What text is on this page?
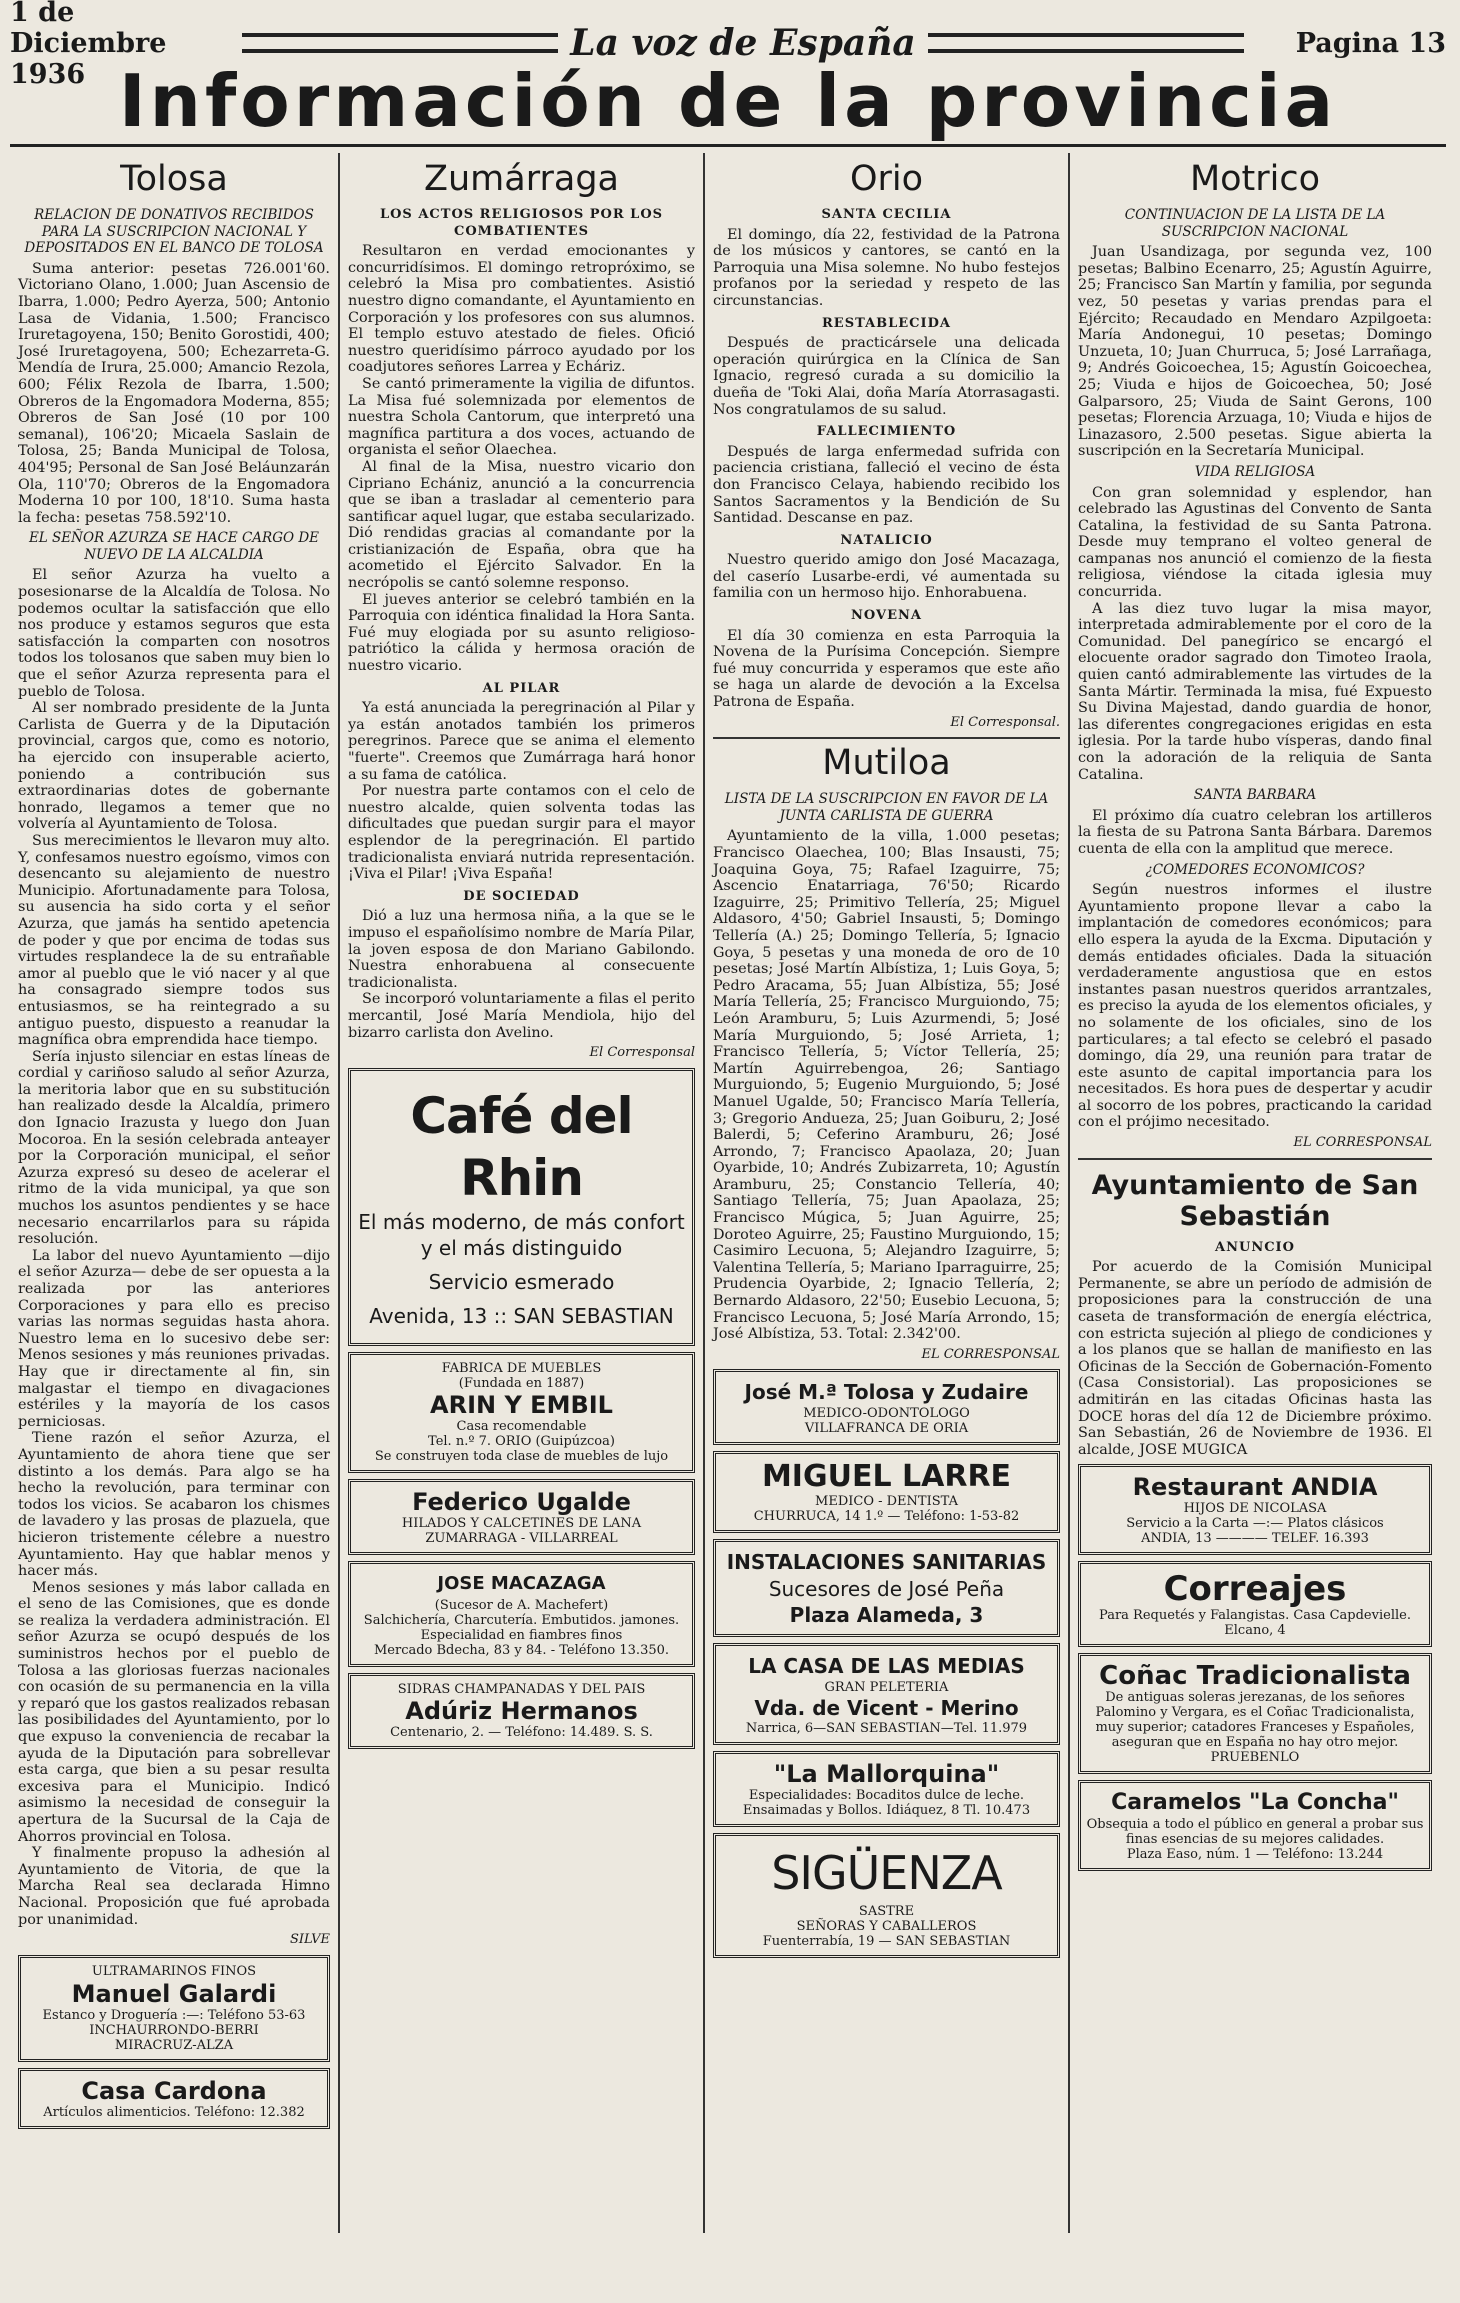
1 de Diciembre 1936
La voz de España	Pagina 13
Información de la provincia
Tolosa
RELACION DE DONATIVOS RECIBIDOS PARA LA SUSCRIPCION NACIONAL Y DEPOSITADOS EN EL BANCO DE TOLOSA

Suma anterior: pesetas 726.001'60. Victoriano Olano, 1.000; Juan Ascensio de Ibarra, 1.000; Pedro Ayerza, 500; Antonio Lasa de Vidania, 1.500; Francisco Iruretagoyena, 150; Benito Gorostidi, 400; José Iruretagoyena, 500; Echezarreta-G. Mendía de Irura, 25.000; Amancio Rezola, 600; Félix Rezola de Ibarra, 1.500; Obreros de la Engomadora Moderna, 855; Obreros de San José (10 por 100 semanal), 106'20; Micaela Saslain de Tolosa, 25; Banda Municipal de Tolosa, 404'95; Personal de San José Beláunzarán Ola, 110'70; Obreros de la Engomadora Moderna 10 por 100, 18'10. Suma hasta la fecha: pesetas 758.592'10.

EL SEÑOR AZURZA SE HACE CARGO DE NUEVO DE LA ALCALDIA

El señor Azurza ha vuelto a posesionarse de la Alcaldía de Tolosa. No podemos ocultar la satisfacción que ello nos produce y estamos seguros que esta satisfacción la comparten con nosotros todos los tolosanos que saben muy bien lo que el señor Azurza representa para el pueblo de Tolosa.

Al ser nombrado presidente de la Junta Carlista de Guerra y de la Diputación provincial, cargos que, como es notorio, ha ejercido con insuperable acierto, poniendo a contribución sus extraordinarias dotes de gobernante honrado, llegamos a temer que no volvería al Ayuntamiento de Tolosa.

Sus merecimientos le llevaron muy alto. Y, confesamos nuestro egoísmo, vimos con desencanto su alejamiento de nuestro Municipio. Afortunadamente para Tolosa, su ausencia ha sido corta y el señor Azurza, que jamás ha sentido apetencia de poder y que por encima de todas sus virtudes resplandece la de su entrañable amor al pueblo que le vió nacer y al que ha consagrado siempre todos sus entusiasmos, se ha reintegrado a su antiguo puesto, dispuesto a reanudar la magnífica obra emprendida hace tiempo.

Sería injusto silenciar en estas líneas de cordial y cariñoso saludo al señor Azurza, la meritoria labor que en su substitución han realizado desde la Alcaldía, primero don Ignacio Irazusta y luego don Juan Mocoroa. En la sesión celebrada anteayer por la Corporación municipal, el señor Azurza expresó su deseo de acelerar el ritmo de la vida municipal, ya que son muchos los asuntos pendientes y se hace necesario encarrilarlos para su rápida resolución.

La labor del nuevo Ayuntamiento —dijo el señor Azurza— debe de ser opuesta a la realizada por las anteriores Corporaciones y para ello es preciso varias las normas seguidas hasta ahora. Nuestro lema en lo sucesivo debe ser: Menos sesiones y más reuniones privadas. Hay que ir directamente al fin, sin malgastar el tiempo en divagaciones estériles y la mayoría de los casos perniciosas.

Tiene razón el señor Azurza, el Ayuntamiento de ahora tiene que ser distinto a los demás. Para algo se ha hecho la revolución, para terminar con todos los vicios. Se acabaron los chismes de lavadero y las prosas de plazuela, que hicieron tristemente célebre a nuestro Ayuntamiento. Hay que hablar menos y hacer más.

Menos sesiones y más labor callada en el seno de las Comisiones, que es donde se realiza la verdadera administración. El señor Azurza se ocupó después de los suministros hechos por el pueblo de Tolosa a las gloriosas fuerzas nacionales con ocasión de su permanencia en la villa y reparó que los gastos realizados rebasan las posibilidades del Ayuntamiento, por lo que expuso la conveniencia de recabar la ayuda de la Diputación para sobrellevar esta carga, que bien a su pesar resulta excesiva para el Municipio. Indicó asimismo la necesidad de conseguir la apertura de la Sucursal de la Caja de Ahorros provincial en Tolosa.

Y finalmente propuso la adhesión al Ayuntamiento de Vitoria, de que la Marcha Real sea declarada Himno Nacional. Proposición que fué aprobada por unanimidad.

SILVE
ULTRAMARINOS FINOS
Manuel Galardi
Estanco y Droguería :—: Teléfono 53-63
INCHAURRONDO-BERRI
MIRACRUZ-ALZA
Casa Cardona
Artículos alimenticios. Teléfono: 12.382
Zumárraga
LOS ACTOS RELIGIOSOS POR LOS COMBATIENTES

Resultaron en verdad emocionantes y concurridísimos. El domingo retropróximo, se celebró la Misa pro combatientes. Asistió nuestro digno comandante, el Ayuntamiento en Corporación y los profesores con sus alumnos. El templo estuvo atestado de fieles. Ofició nuestro queridísimo párroco ayudado por los coadjutores señores Larrea y Echáriz.

Se cantó primeramente la vigilia de difuntos. La Misa fué solemnizada por elementos de nuestra Schola Cantorum, que interpretó una magnífica partitura a dos voces, actuando de organista el señor Olaechea.

Al final de la Misa, nuestro vicario don Cipriano Echániz, anunció a la concurrencia que se iban a trasladar al cementerio para santificar aquel lugar, que estaba secularizado. Dió rendidas gracias al comandante por la cristianización de España, obra que ha acometido el Ejército Salvador. En la necrópolis se cantó solemne responso.

El jueves anterior se celebró también en la Parroquia con idéntica finalidad la Hora Santa. Fué muy elogiada por su asunto religioso-patriótico la cálida y hermosa oración de nuestro vicario.

AL PILAR

Ya está anunciada la peregrinación al Pilar y ya están anotados también los primeros peregrinos. Parece que se anima el elemento "fuerte". Creemos que Zumárraga hará honor a su fama de católica.

Por nuestra parte contamos con el celo de nuestro alcalde, quien solventa todas las dificultades que puedan surgir para el mayor esplendor de la peregrinación. El partido tradicionalista enviará nutrida representación. ¡Viva el Pilar! ¡Viva España!

DE SOCIEDAD

Dió a luz una hermosa niña, a la que se le impuso el españolísimo nombre de María Pilar, la joven esposa de don Mariano Gabilondo. Nuestra enhorabuena al consecuente tradicionalista.

Se incorporó voluntariamente a filas el perito mercantil, José María Mendiola, hijo del bizarro carlista don Avelino.

El Corresponsal
Café del Rhin
El más moderno, de más confort y el más distinguido
Servicio esmerado
Avenida, 13 :: SAN SEBASTIAN
FABRICA DE MUEBLES
(Fundada en 1887)
ARIN Y EMBIL
Casa recomendable
Tel. n.º 7. ORIO (Guipúzcoa)
Se construyen toda clase de muebles de lujo
Federico Ugalde
HILADOS Y CALCETINES DE LANA
ZUMARRAGA - VILLARREAL
JOSE MACAZAGA
(Sucesor de A. Machefert)
Salchichería, Charcutería. Embutidos. jamones. Especialidad en fiambres finos
Mercado Bdecha, 83 y 84. - Teléfono 13.350.
SIDRAS CHAMPANADAS Y DEL PAIS
Adúriz Hermanos
Centenario, 2. — Teléfono: 14.489. S. S.
Orio
SANTA CECILIA

El domingo, día 22, festividad de la Patrona de los músicos y cantores, se cantó en la Parroquia una Misa solemne. No hubo festejos profanos por la seriedad y respeto de las circunstancias.

RESTABLECIDA

Después de practicársele una delicada operación quirúrgica en la Clínica de San Ignacio, regresó curada a su domicilio la dueña de 'Toki Alai, doña María Atorrasagasti. Nos congratulamos de su salud.

FALLECIMIENTO

Después de larga enfermedad sufrida con paciencia cristiana, falleció el vecino de ésta don Francisco Celaya, habiendo recibido los Santos Sacramentos y la Bendición de Su Santidad. Descanse en paz.

NATALICIO

Nuestro querido amigo don José Macazaga, del caserío Lusarbe-erdi, vé aumentada su familia con un hermoso hijo. Enhorabuena.

NOVENA

El día 30 comienza en esta Parroquia la Novena de la Purísima Concepción. Siempre fué muy concurrida y esperamos que este año se haga un alarde de devoción a la Excelsa Patrona de España.

El Corresponsal.
Mutiloa
LISTA DE LA SUSCRIPCION EN FAVOR DE LA JUNTA CARLISTA DE GUERRA

Ayuntamiento de la villa, 1.000 pesetas; Francisco Olaechea, 100; Blas Insausti, 75; Joaquina Goya, 75; Rafael Izaguirre, 75; Ascencio Enatarriaga, 76'50; Ricardo Izaguirre, 25; Primitivo Tellería, 25; Miguel Aldasoro, 4'50; Gabriel Insausti, 5; Domingo Tellería (A.) 25; Domingo Tellería, 5; Ignacio Goya, 5 pesetas y una moneda de oro de 10 pesetas; José Martín Albístiza, 1; Luis Goya, 5; Pedro Aracama, 55; Juan Albístiza, 55; José María Tellería, 25; Francisco Murguiondo, 75; León Aramburu, 5; Luis Azurmendi, 5; José María Murguiondo, 5; José Arrieta, 1; Francisco Tellería, 5; Víctor Tellería, 25; Martín Aguirrebengoa, 26; Santiago Murguiondo, 5; Eugenio Murguiondo, 5; José Manuel Ugalde, 50; Francisco María Tellería, 3; Gregorio Andueza, 25; Juan Goiburu, 2; José Balerdi, 5; Ceferino Aramburu, 26; José Arrondo, 7; Francisco Apaolaza, 20; Juan Oyarbide, 10; Andrés Zubizarreta, 10; Agustín Aramburu, 25; Constancio Tellería, 40; Santiago Tellería, 75; Juan Apaolaza, 25; Francisco Múgica, 5; Juan Aguirre, 25; Doroteo Aguirre, 25; Faustino Murguiondo, 15; Casimiro Lecuona, 5; Alejandro Izaguirre, 5; Valentina Tellería, 5; Mariano Iparraguirre, 25; Prudencia Oyarbide, 2; Ignacio Tellería, 2; Bernardo Aldasoro, 22'50; Eusebio Lecuona, 5; Francisco Lecuona, 5; José María Arrondo, 15; José Albístiza, 53. Total: 2.342'00.

EL CORRESPONSAL
José M.ª Tolosa y Zudaire
MEDICO-ODONTOLOGO
VILLAFRANCA DE ORIA
MIGUEL LARRE
MEDICO - DENTISTA
CHURRUCA, 14 1.º — Teléfono: 1-53-82
INSTALACIONES SANITARIAS
Sucesores de José Peña
Plaza Alameda, 3
LA CASA DE LAS MEDIAS
GRAN PELETERIA
Vda. de Vicent - Merino
Narrica, 6—SAN SEBASTIAN—Tel. 11.979
"La Mallorquina"
Especialidades: Bocaditos dulce de leche. Ensaimadas y Bollos. Idiáquez, 8 Tl. 10.473
SIGÜENZA
SASTRE
SEÑORAS Y CABALLEROS
Fuenterrabía, 19 — SAN SEBASTIAN
Motrico
CONTINUACION DE LA LISTA DE LA SUSCRIPCION NACIONAL

Juan Usandizaga, por segunda vez, 100 pesetas; Balbino Ecenarro, 25; Agustín Aguirre, 25; Francisco San Martín y familia, por segunda vez, 50 pesetas y varias prendas para el Ejército; Recaudado en Mendaro Azpilgoeta: María Andonegui, 10 pesetas; Domingo Unzueta, 10; Juan Churruca, 5; José Larrañaga, 9; Andrés Goicoechea, 15; Agustín Goicoechea, 25; Viuda e hijos de Goicoechea, 50; José Galparsoro, 25; Viuda de Saint Gerons, 100 pesetas; Florencia Arzuaga, 10; Viuda e hijos de Linazasoro, 2.500 pesetas. Sigue abierta la suscripción en la Secretaría Municipal.

VIDA RELIGIOSA

Con gran solemnidad y esplendor, han celebrado las Agustinas del Convento de Santa Catalina, la festividad de su Santa Patrona. Desde muy temprano el volteo general de campanas nos anunció el comienzo de la fiesta religiosa, viéndose la citada iglesia muy concurrida.

A las diez tuvo lugar la misa mayor, interpretada admirablemente por el coro de la Comunidad. Del panegírico se encargó el elocuente orador sagrado don Timoteo Iraola, quien cantó admirablemente las virtudes de la Santa Mártir. Terminada la misa, fué Expuesto Su Divina Majestad, dando guardia de honor, las diferentes congregaciones erigidas en esta iglesia. Por la tarde hubo vísperas, dando final con la adoración de la reliquia de Santa Catalina.

SANTA BARBARA

El próximo día cuatro celebran los artilleros la fiesta de su Patrona Santa Bárbara. Daremos cuenta de ella con la amplitud que merece.

¿COMEDORES ECONOMICOS?

Según nuestros informes el ilustre Ayuntamiento propone llevar a cabo la implantación de comedores económicos; para ello espera la ayuda de la Excma. Diputación y demás entidades oficiales. Dada la situación verdaderamente angustiosa que en estos instantes pasan nuestros queridos arrantzales, es preciso la ayuda de los elementos oficiales, y no solamente de los oficiales, sino de los particulares; a tal efecto se celebró el pasado domingo, día 29, una reunión para tratar de este asunto de capital importancia para los necesitados. Es hora pues de despertar y acudir al socorro de los pobres, practicando la caridad con el prójimo necesitado.

EL CORRESPONSAL
Ayuntamiento de San Sebastián
ANUNCIO

Por acuerdo de la Comisión Municipal Permanente, se abre un período de admisión de proposiciones para la construcción de una caseta de transformación de energía eléctrica, con estricta sujeción al pliego de condiciones y a los planos que se hallan de manifiesto en las Oficinas de la Sección de Gobernación-Fomento (Casa Consistorial). Las proposiciones se admitirán en las citadas Oficinas hasta las DOCE horas del día 12 de Diciembre próximo. San Sebastián, 26 de Noviembre de 1936. El alcalde, JOSE MUGICA

Restaurant ANDIA
HIJOS DE NICOLASA
Servicio a la Carta —:— Platos clásicos
ANDIA, 13 ———— TELEF. 16.393
Correajes
Para Requetés y Falangistas. Casa Capdevielle. Elcano, 4
Coñac Tradicionalista
De antiguas soleras jerezanas, de los señores Palomino y Vergara, es el Coñac Tradicionalista, muy superior; catadores Franceses y Españoles, aseguran que en España no hay otro mejor.
PRUEBENLO
Caramelos "La Concha"
Obsequia a todo el público en general a probar sus finas esencias de su mejores calidades.
Plaza Easo, núm. 1 — Teléfono: 13.244
